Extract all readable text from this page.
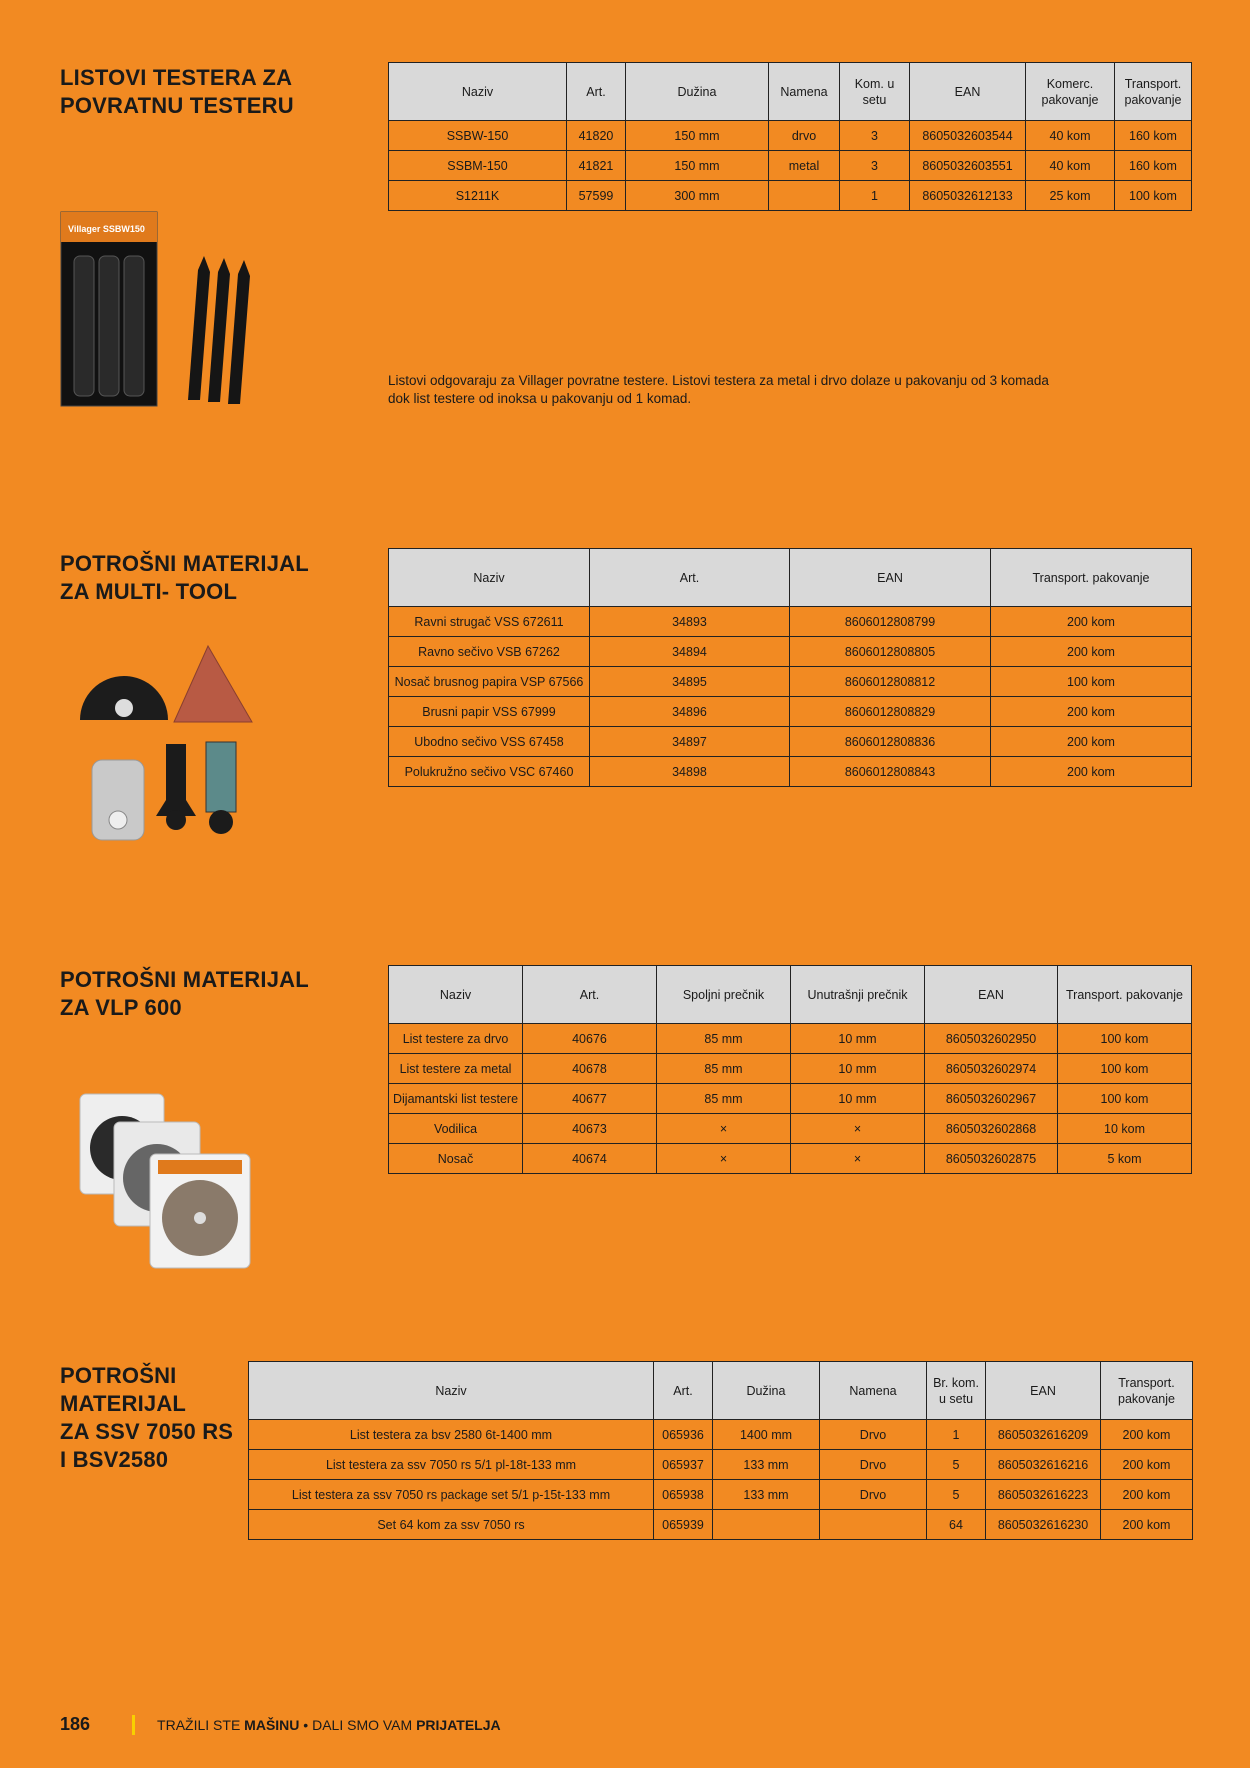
LISTOVI TESTERA ZA
POVRATNU TESTERU
Naziv	Art.	Dužina	Namena	Kom. u setu	EAN	Komerc. pakovanje	Transport. pakovanje
SSBW-150	41820	150 mm	drvo	3	8605032603544	40 kom	160 kom
SSBM-150	41821	150 mm	metal	3	8605032603551	40 kom	160 kom
S1211K	57599	300 mm		1	8605032612133	25 kom	100 kom
Villager SSBW150
Listovi odgovaraju za Villager povratne testere. Listovi testera za metal i drvo dolaze u pakovanju od 3 komada
dok list testere od inoksa u pakovanju od 1 komad.
POTROŠNI MATERIJAL
ZA MULTI- TOOL
Naziv	Art.	EAN	Transport. pakovanje
Ravni strugač VSS 672611	34893	8606012808799	200 kom
Ravno sečivo VSB 67262	34894	8606012808805	200 kom
Nosač brusnog papira VSP 67566	34895	8606012808812	100 kom
Brusni papir VSS 67999	34896	8606012808829	200 kom
Ubodno sečivo VSS 67458	34897	8606012808836	200 kom
Polukružno sečivo VSC 67460	34898	8606012808843	200 kom
POTROŠNI MATERIJAL
ZA VLP 600
Naziv	Art.	Spoljni prečnik	Unutrašnji prečnik	EAN	Transport. pakovanje
List testere za drvo	40676	85 mm	10 mm	8605032602950	100 kom
List testere za metal	40678	85 mm	10 mm	8605032602974	100 kom
Dijamantski list testere	40677	85 mm	10 mm	8605032602967	100 kom
Vodilica	40673	×	×	8605032602868	10 kom
Nosač	40674	×	×	8605032602875	5 kom
POTROŠNI
MATERIJAL
ZA SSV 7050 RS
I BSV2580
Naziv	Art.	Dužina	Namena	Br. kom. u setu	EAN	Transport. pakovanje
List testera za bsv 2580 6t-1400 mm	065936	1400 mm	Drvo	1	8605032616209	200 kom
List testera za ssv 7050 rs 5/1 pl-18t-133 mm	065937	133 mm	Drvo	5	8605032616216	200 kom
List testera za ssv 7050 rs package set 5/1 p-15t-133 mm	065938	133 mm	Drvo	5	8605032616223	200 kom
Set 64 kom za ssv 7050 rs	065939			64	8605032616230	200 kom
186	TRAŽILI STE MAŠINU • DALI SMO VAM PRIJATELJA
